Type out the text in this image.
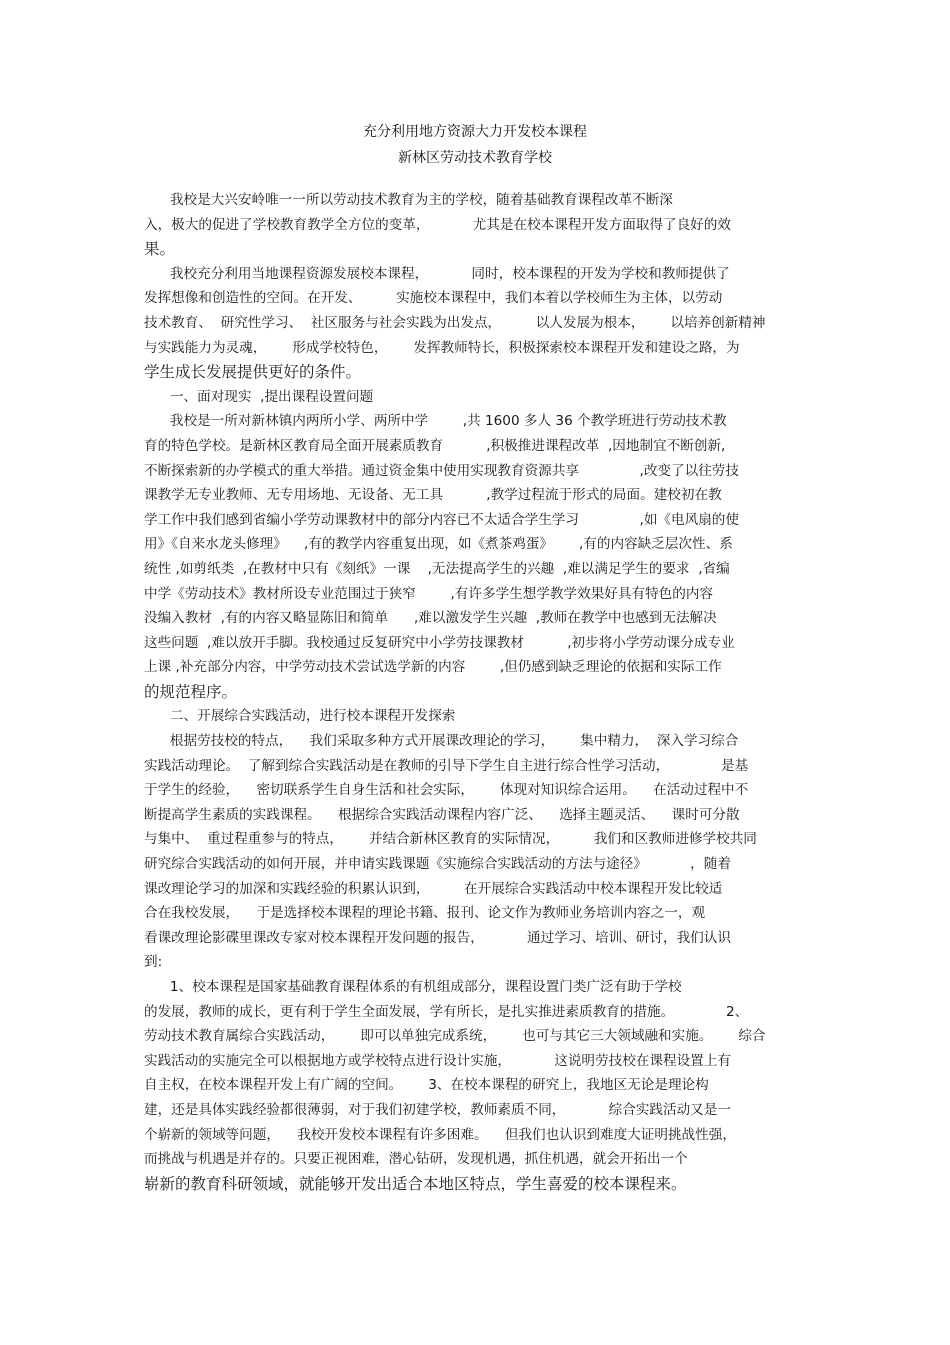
充分利用地方资源大力开发校本课程
新林区劳动技术教育学校
我校是大兴安岭唯一一所以劳动技术教育为主的学校，随着基础教育课程改革不断深
入，极大的促进了学校教育教学全方位的变革，          尤其是在校本课程开发方面取得了良好的效
果。
我校充分利用当地课程资源发展校本课程，          同时，校本课程的开发为学校和教师提供了
发挥想像和创造性的空间。在开发、        实施校本课程中，我们本着以学校师生为主体，以劳动
技术教育、  研究性学习、  社区服务与社会实践为出发点，        以人发展为根本，      以培养创新精神
与实践能力为灵魂，      形成学校特色，      发挥教师特长，积极探索校本课程开发和建设之路，为
学生成长发展提供更好的条件。
一、面对现实  ,提出课程设置问题
我校是一所对新林镇内两所小学、两所中学        ,共 1600 多人 36 个教学班进行劳动技术教
育的特色学校。是新林区教育局全面开展素质教育          ,积极推进课程改革  ,因地制宜不断创新,
不断探索新的办学模式的重大举措。通过资金集中使用实现教育资源共享              ,改变了以往劳技
课教学无专业教师、无专用场地、无设备、无工具          ,教学过程流于形式的局面。建校初在教
学工作中我们感到省编小学劳动课教材中的部分内容已不太适合学生学习              ,如《电风扇的使
用》《自来水龙头修理》    ,有的教学内容重复出现，如《煮茶鸡蛋》      ,有的内容缺乏层次性、系
统性 ,如剪纸类  ,在教材中只有《刻纸》一课    ,无法提高学生的兴趣  ,难以满足学生的要求  ,省编
中学《劳动技术》教材所设专业范围过于狭窄        ,有许多学生想学教学效果好具有特色的内容
没编入教材  ,有的内容又略显陈旧和简单      ,难以激发学生兴趣  ,教师在教学中也感到无法解决
这些问题  ,难以放开手脚。我校通过反复研究中小学劳技课教材          ,初步将小学劳动课分成专业
上课 ,补充部分内容，中学劳动技术尝试选学新的内容        ,但仍感到缺乏理论的依据和实际工作
的规范程序。
二、开展综合实践活动，进行校本课程开发探索
根据劳技校的特点，    我们采取多种方式开展课改理论的学习，      集中精力，  深入学习综合
实践活动理论。  了解到综合实践活动是在教师的引导下学生自主进行综合性学习活动，            是基
于学生的经验，    密切联系学生自身生活和社会实际，      体现对知识综合运用。    在活动过程中不
断提高学生素质的实践课程。    根据综合实践活动课程内容广泛、    选择主题灵活、    课时可分散
与集中、  重过程重参与的特点，      并结合新林区教育的实际情况，        我们和区教师进修学校共同
研究综合实践活动的如何开展，并申请实践课题《实施综合实践活动的方法与途径》          ，随着
课改理论学习的加深和实践经验的积累认识到，        在开展综合实践活动中校本课程开发比较适
合在我校发展，    于是选择校本课程的理论书籍、报刊、论文作为教师业务培训内容之一，观
看课改理论影碟里课改专家对校本课程开发问题的报告，          通过学习、培训、研讨，我们认识
到:
1、校本课程是国家基础教育课程体系的有机组成部分，课程设置门类广泛有助于学校
的发展，教师的成长，更有利于学生全面发展，学有所长，是扎实推进素质教育的措施。            2、
劳动技术教育属综合实践活动，      即可以单独完成系统，      也可与其它三大领域融和实施。      综合
实践活动的实施完全可以根据地方或学校特点进行设计实施，          这说明劳技校在课程设置上有
自主权，在校本课程开发上有广阔的空间。      3、在校本课程的研究上，我地区无论是理论构
建，还是具体实践经验都很薄弱，对于我们初建学校，教师素质不同，          综合实践活动又是一
个崭新的领域等问题，    我校开发校本课程有许多困难。    但我们也认识到难度大证明挑战性强，
而挑战与机遇是并存的。只要正视困难，潜心钻研，发现机遇，抓住机遇，就会开拓出一个
崭新的教育科研领域，就能够开发出适合本地区特点，学生喜爱的校本课程来。
